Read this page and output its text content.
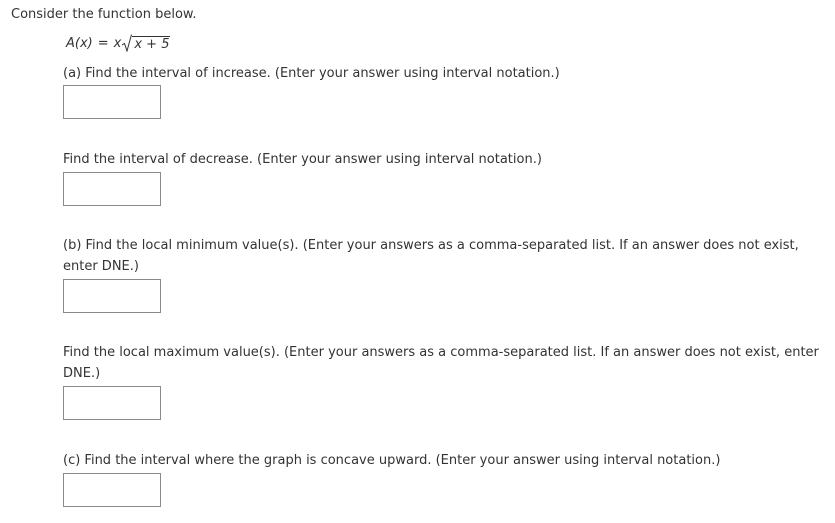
Consider the function below.
A(x) = x x + 5
(a) Find the interval of increase. (Enter your answer using interval notation.)
Find the interval of decrease. (Enter your answer using interval notation.)
(b) Find the local minimum value(s). (Enter your answers as a comma-separated list. If an answer does not exist, enter DNE.)
Find the local maximum value(s). (Enter your answers as a comma-separated list. If an answer does not exist, enter DNE.)
(c) Find the interval where the graph is concave upward. (Enter your answer using interval notation.)
